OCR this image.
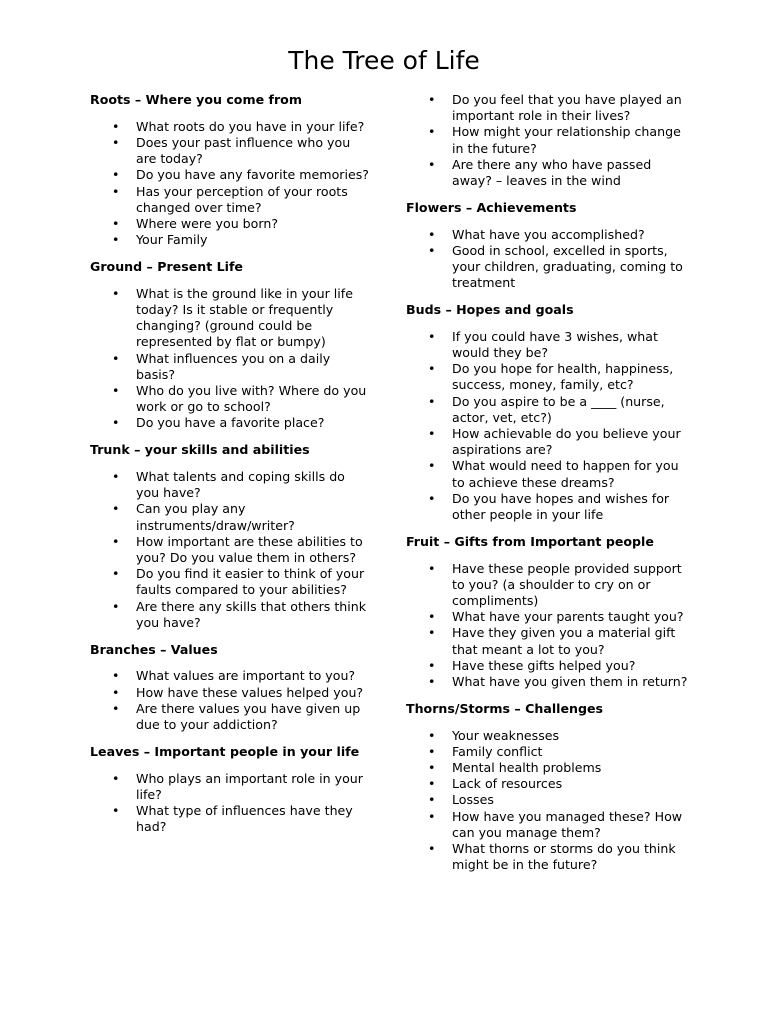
The Tree of Life
Roots – Where you come from
• What roots do you have in your life?
• Does your past influence who you are today?
• Do you have any favorite memories?
• Has your perception of your roots changed over time?
• Where were you born?
• Your Family
Ground – Present Life
• What is the ground like in your life today? Is it stable or frequently changing? (ground could be represented by flat or bumpy)
• What influences you on a daily basis?
• Who do you live with? Where do you work or go to school?
• Do you have a favorite place?
Trunk – your skills and abilities
• What talents and coping skills do you have?
• Can you play any instruments/draw/writer?
• How important are these abilities to you? Do you value them in others?
• Do you find it easier to think of your faults compared to your abilities?
• Are there any skills that others think you have?
Branches – Values
• What values are important to you?
• How have these values helped you?
• Are there values you have given up due to your addiction?
Leaves – Important people in your life
• Who plays an important role in your life?
• What type of influences have they had?
• Do you feel that you have played an important role in their lives?
• How might your relationship change in the future?
• Are there any who have passed away? – leaves in the wind
Flowers – Achievements
• What have you accomplished?
• Good in school, excelled in sports, your children, graduating, coming to treatment
Buds – Hopes and goals
• If you could have 3 wishes, what would they be?
• Do you hope for health, happiness, success, money, family, etc?
• Do you aspire to be a ____ (nurse, actor, vet, etc?)
• How achievable do you believe your aspirations are?
• What would need to happen for you to achieve these dreams?
• Do you have hopes and wishes for other people in your life
Fruit – Gifts from Important people
• Have these people provided support to you? (a shoulder to cry on or compliments)
• What have your parents taught you?
• Have they given you a material gift that meant a lot to you?
• Have these gifts helped you?
• What have you given them in return?
Thorns/Storms – Challenges
• Your weaknesses
• Family conflict
• Mental health problems
• Lack of resources
• Losses
• How have you managed these? How can you manage them?
• What thorns or storms do you think might be in the future?
